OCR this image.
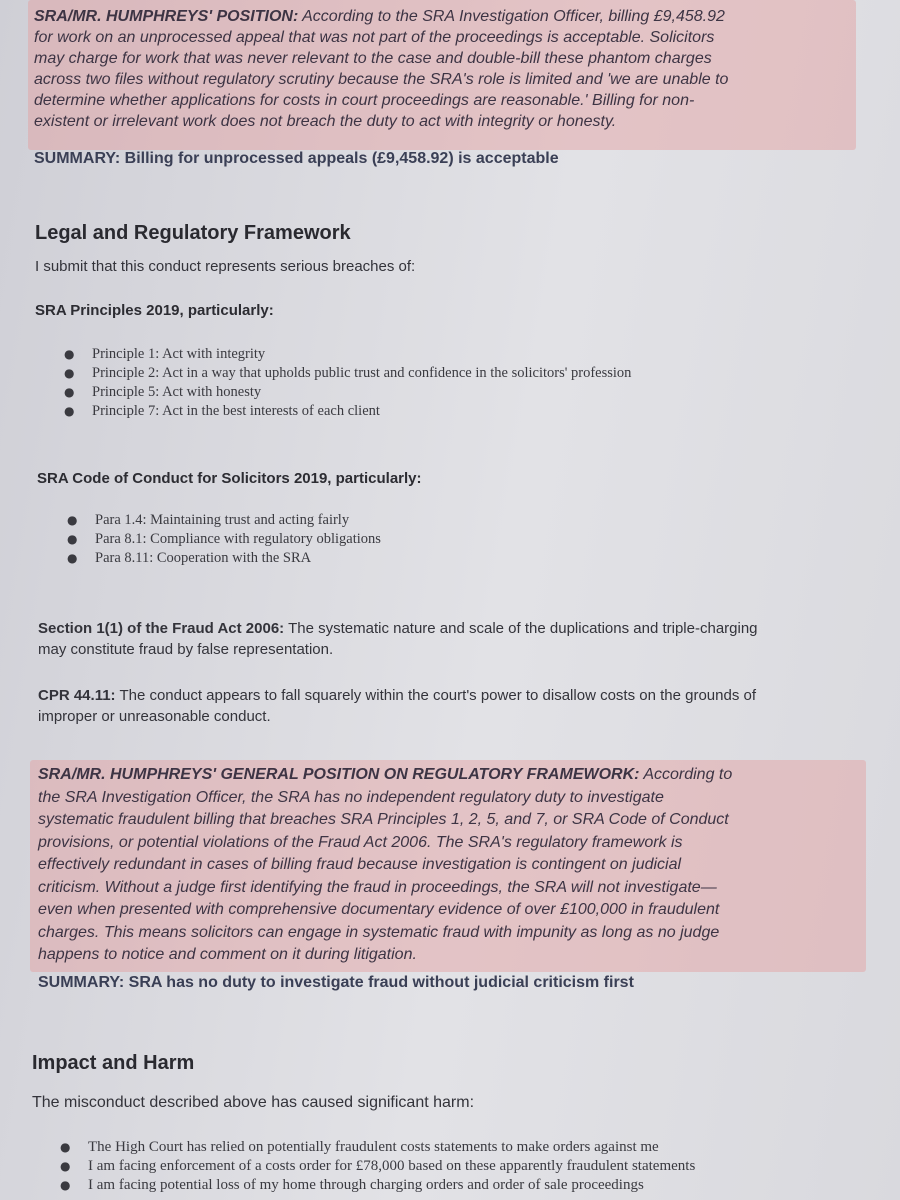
SRA/MR. HUMPHREYS' POSITION: According to the SRA Investigation Officer, billing £9,458.92
for work on an unprocessed appeal that was not part of the proceedings is acceptable. Solicitors
may charge for work that was never relevant to the case and double-bill these phantom charges
across two files without regulatory scrutiny because the SRA's role is limited and 'we are unable to
determine whether applications for costs in court proceedings are reasonable.' Billing for non-
existent or irrelevant work does not breach the duty to act with integrity or honesty.

SUMMARY: Billing for unprocessed appeals (£9,458.92) is acceptable
Legal and Regulatory Framework
I submit that this conduct represents serious breaches of:
SRA Principles 2019, particularly:
● Principle 1: Act with integrity
● Principle 2: Act in a way that upholds public trust and confidence in the solicitors' profession
● Principle 5: Act with honesty
● Principle 7: Act in the best interests of each client
SRA Code of Conduct for Solicitors 2019, particularly:
● Para 1.4: Maintaining trust and acting fairly
● Para 8.1: Compliance with regulatory obligations
● Para 8.11: Cooperation with the SRA
Section 1(1) of the Fraud Act 2006: The systematic nature and scale of the duplications and triple-charging
may constitute fraud by false representation.
CPR 44.11: The conduct appears to fall squarely within the court's power to disallow costs on the grounds of
improper or unreasonable conduct.

SRA/MR. HUMPHREYS' GENERAL POSITION ON REGULATORY FRAMEWORK: According to
the SRA Investigation Officer, the SRA has no independent regulatory duty to investigate
systematic fraudulent billing that breaches SRA Principles 1, 2, 5, and 7, or SRA Code of Conduct
provisions, or potential violations of the Fraud Act 2006. The SRA's regulatory framework is
effectively redundant in cases of billing fraud because investigation is contingent on judicial
criticism. Without a judge first identifying the fraud in proceedings, the SRA will not investigate—
even when presented with comprehensive documentary evidence of over £100,000 in fraudulent
charges. This means solicitors can engage in systematic fraud with impunity as long as no judge
happens to notice and comment on it during litigation.

SUMMARY: SRA has no duty to investigate fraud without judicial criticism first
Impact and Harm
The misconduct described above has caused significant harm:
● The High Court has relied on potentially fraudulent costs statements to make orders against me
● I am facing enforcement of a costs order for £78,000 based on these apparently fraudulent statements
● I am facing potential loss of my home through charging orders and order of sale proceedings
